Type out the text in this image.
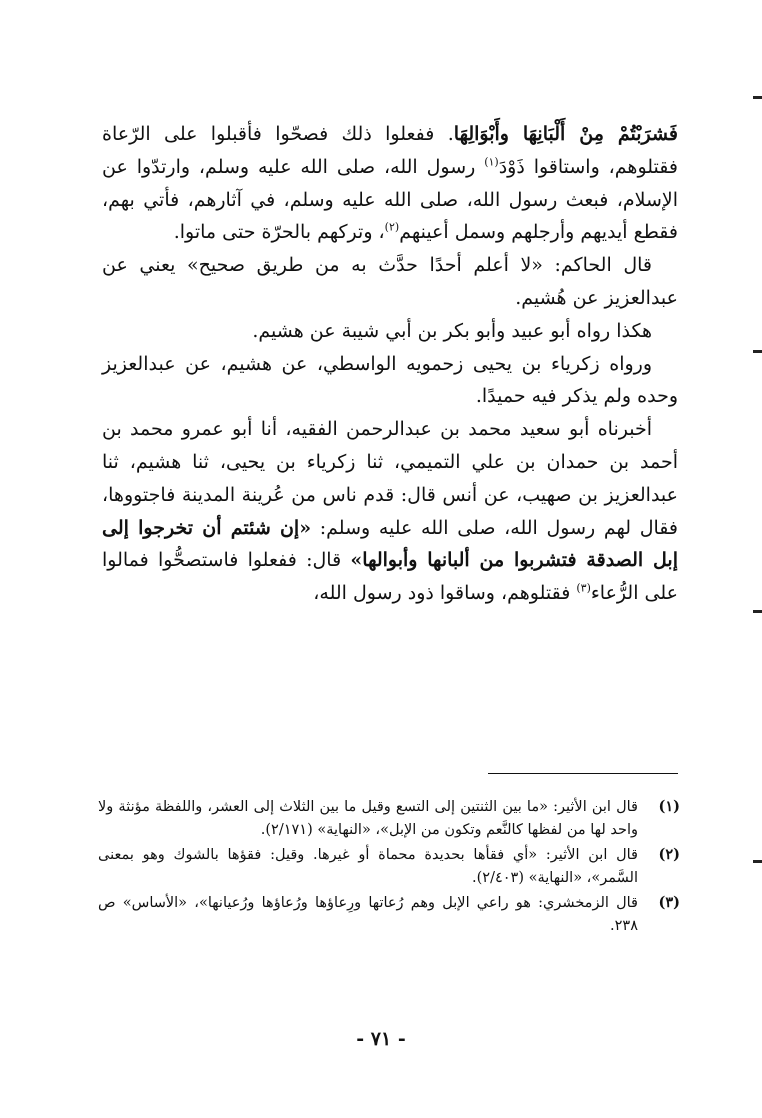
فَشرَبْتُمْ مِنْ أَلْبَانِهَا وأَبْوَالِهَا. ففعلوا ذلك فصحّوا فأقبلوا على الرّعاة فقتلوهم، واستاقوا ذَوْدَ$^{(١)}$ رسول الله، صلى الله عليه وسلم، وارتدّوا عن الإسلام، فبعث رسول الله، صلى الله عليه وسلم، في آثارهم، فأتي بهم، فقطع أيديهم وأرجلهم وسمل أعينهم$^{(٢)}$، وتركهم بالحرّة حتى ماتوا.

قال الحاكم: «لا أعلم أحدًا حدَّث به من طريق صحيح» يعني عن عبدالعزيز عن هُشيم.

هكذا رواه أبو عبيد وأبو بكر بن أبي شيبة عن هشيم.

ورواه زكرياء بن يحيى زحمويه الواسطي، عن هشيم، عن عبدالعزيز وحده ولم يذكر فيه حميدًا.

أخبرناه أبو سعيد محمد بن عبدالرحمن الفقيه، أنا أبو عمرو محمد بن أحمد بن حمدان بن علي التميمي، ثنا زكرياء بن يحيى، ثنا هشيم، ثنا عبدالعزيز بن صهيب، عن أنس قال: قدم ناس من عُرينة المدينة فاجتووها، فقال لهم رسول الله، صلى الله عليه وسلم: «إن شئتم أن تخرجوا إلى إبل الصدقة فتشربوا من ألبانها وأبوالها» قال: ففعلوا فاستصحُّوا فمالوا على الرُّعاء$^{(٣)}$ فقتلوهم، وساقوا ذود رسول الله،

(١)
قال ابن الأثير: «ما بين الثنتين إلى التسع وقيل ما بين الثلاث إلى العشر، واللفظة مؤنثة ولا واحد لها من لفظها كالنَّعم وتكون من الإبل»، «النهاية» (٢/١٧١).
(٢)
قال ابن الأثير: «أي فقأها بحديدة محماة أو غيرها. وقيل: فقؤها بالشوك وهو بمعنى السَّمر»، «النهاية» (٢/٤٠٣).
(٣)
قال الزمخشري: هو راعي الإبل وهم رُعاتها ورِعاؤها ورُعاؤها ورُعيانها»، «الأساس» ص ٢٣٨.
- ٧١ -
